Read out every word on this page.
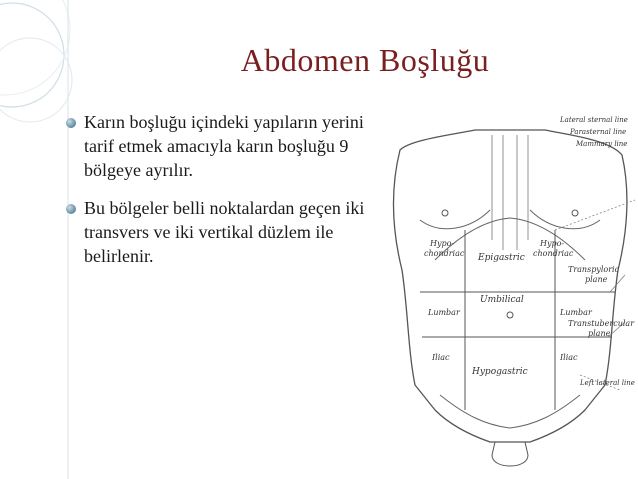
Abdomen Boşluğu
Karın boşluğu içindeki yapıların yerini tarif etmek amacıyla karın boşluğu 9 bölgeye ayrılır.
Bu bölgeler belli noktalardan geçen iki transvers ve iki vertikal düzlem ile belirlenir.
Lateral sternal line
Parasternal line
Mammary line
Hypo-
chondriac
Hypo-
chondriac
Epigastric
Transpyloric
plane
Lumbar
Umbilical
Lumbar
Transtubercular
plane
Iliac
Hypogastric
Iliac
Left lateral line
